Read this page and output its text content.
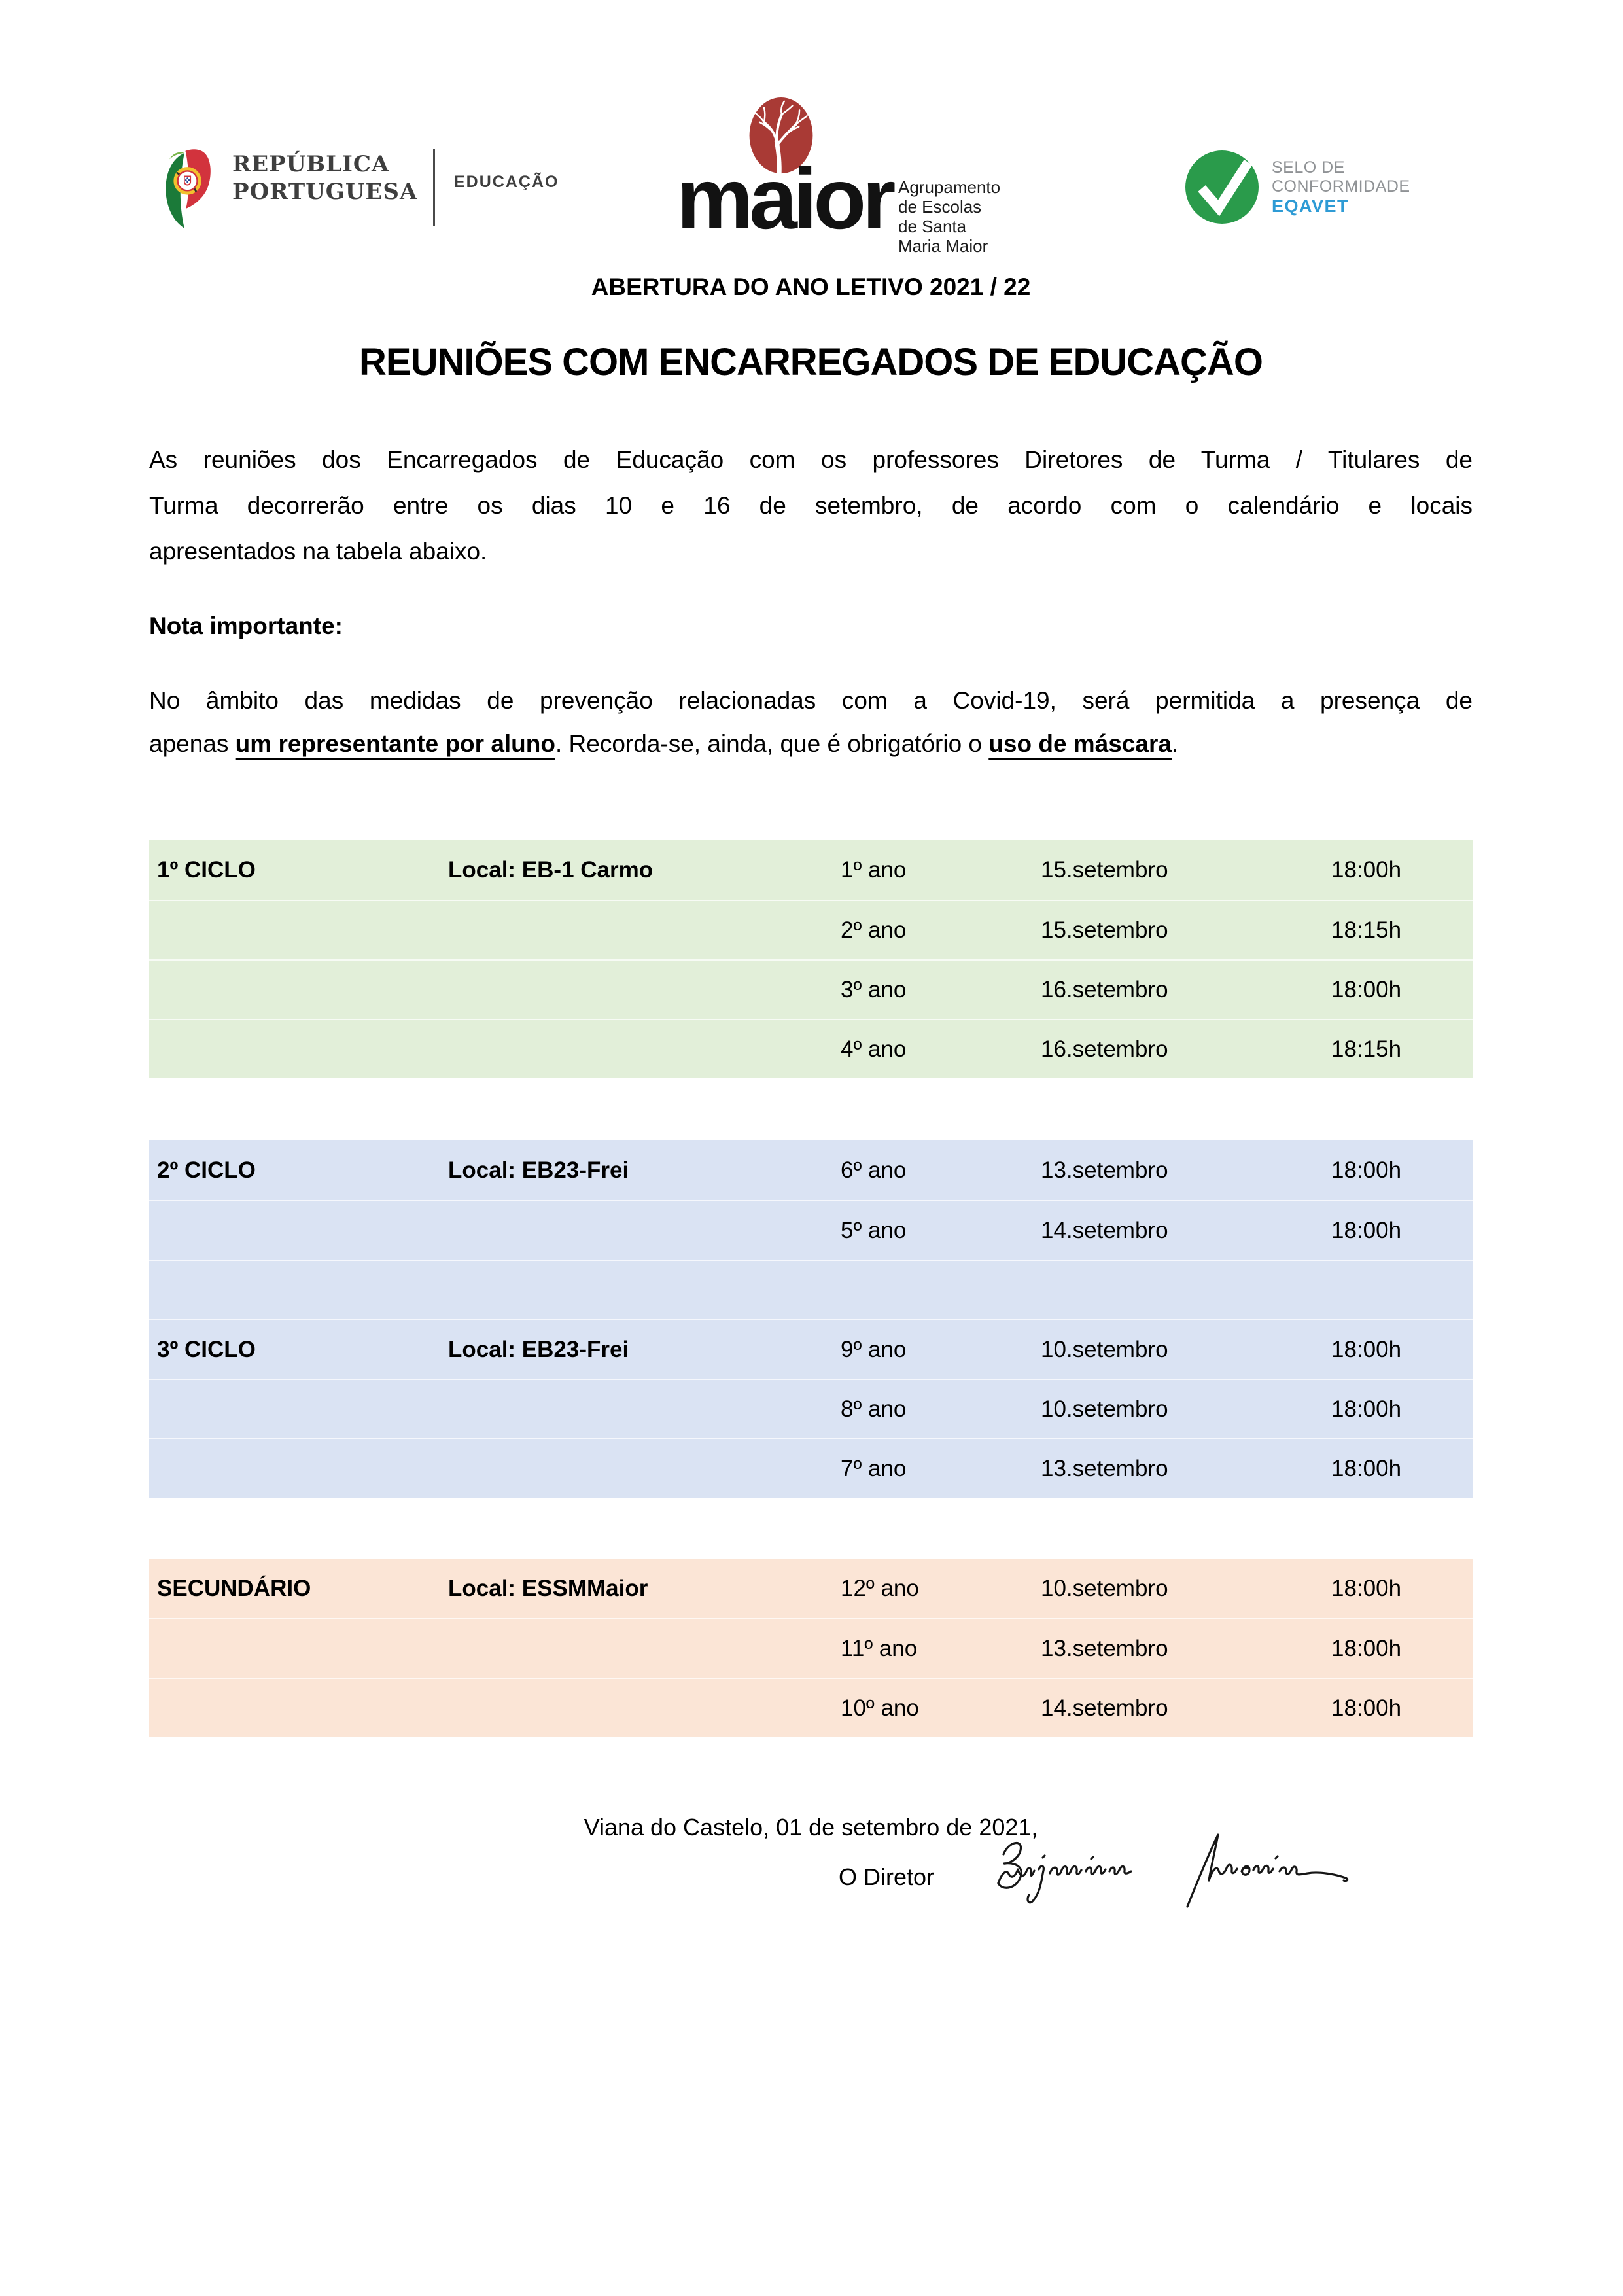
REPÚBLICA
PORTUGUESA EDUCAÇÃO maior Agrupamento
de Escolas
de Santa Maria Maior
SELO DE
CONFORMIDADE
EQAVET
ABERTURA DO ANO LETIVO 2021 / 22
REUNIÕES COM ENCARREGADOS DE EDUCAÇÃO
As reuniões dos Encarregados de Educação com os professores Diretores de Turma / Titulares de
Turma decorrerão entre os dias 10 e 16 de setembro, de acordo com o calendário e locais
apresentados na tabela abaixo.
Nota importante:
No âmbito das medidas de prevenção relacionadas com a Covid-19, será permitida a presença de
apenas um representante por aluno. Recorda-se, ainda, que é obrigatório o uso de máscara.
1º CICLO	Local: EB-1 Carmo	1º ano	15.setembro	18:00h
2º ano	15.setembro	18:15h
3º ano	16.setembro	18:00h
4º ano	16.setembro	18:15h
2º CICLO	Local: EB23-Frei	6º ano	13.setembro	18:00h
5º ano	14.setembro	18:00h
3º CICLO	Local: EB23-Frei	9º ano	10.setembro	18:00h
8º ano	10.setembro	18:00h
7º ano	13.setembro	18:00h
SECUNDÁRIO	Local: ESSMMaior	12º ano	10.setembro	18:00h
11º ano	13.setembro	18:00h
10º ano	14.setembro	18:00h
Viana do Castelo, 01 de setembro de 2021,
O Diretor
